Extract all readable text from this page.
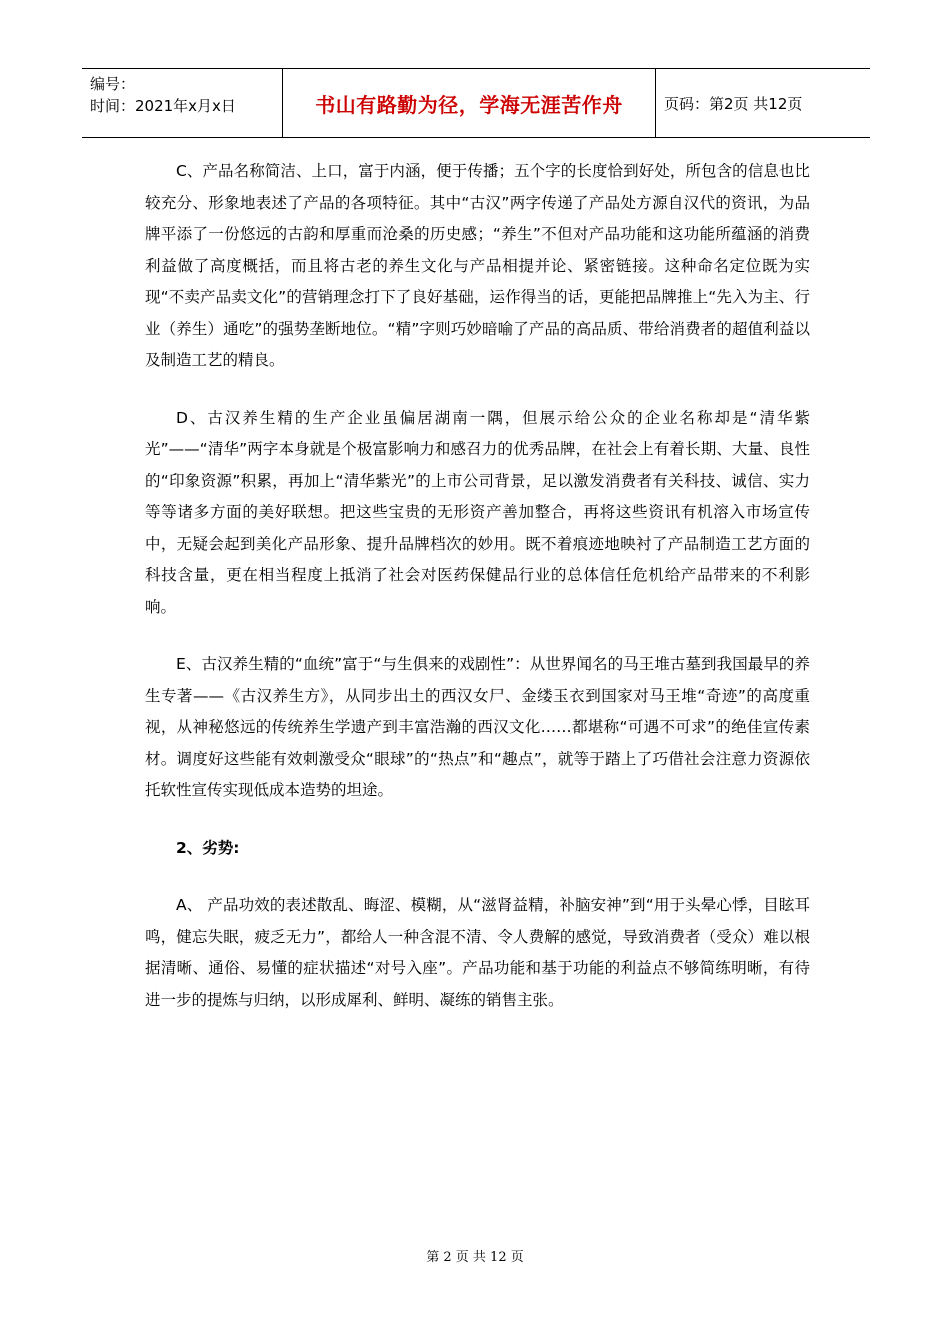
编号：
时间：2021年x月x日	书山有路勤为径，学海无涯苦作舟	页码：第2页 共12页

C、产品名称简洁、上口，富于内涵，便于传播；五个字的长度恰到好处，所包含的信息也比较充分、形象地表述了产品的各项特征。其中“古汉”两字传递了产品处方源自汉代的资讯，为品牌平添了一份悠远的古韵和厚重而沧桑的历史感；“养生”不但对产品功能和这功能所蕴涵的消费利益做了高度概括，而且将古老的养生文化与产品相提并论、紧密链接。这种命名定位既为实现“不卖产品卖文化”的营销理念打下了良好基础，运作得当的话，更能把品牌推上“先入为主、行业（养生）通吃”的强势垄断地位。“精”字则巧妙暗喻了产品的高品质、带给消费者的超值利益以及制造工艺的精良。

D、古汉养生精的生产企业虽偏居湖南一隅，但展示给公众的企业名称却是“清华紫光”——“清华”两字本身就是个极富影响力和感召力的优秀品牌，在社会上有着长期、大量、良性的“印象资源”积累，再加上“清华紫光”的上市公司背景，足以激发消费者有关科技、诚信、实力等等诸多方面的美好联想。把这些宝贵的无形资产善加整合，再将这些资讯有机溶入市场宣传中，无疑会起到美化产品形象、提升品牌档次的妙用。既不着痕迹地映衬了产品制造工艺方面的科技含量，更在相当程度上抵消了社会对医药保健品行业的总体信任危机给产品带来的不利影响。

E、古汉养生精的“血统”富于“与生俱来的戏剧性”：从世界闻名的马王堆古墓到我国最早的养生专著——《古汉养生方》，从同步出土的西汉女尸、金缕玉衣到国家对马王堆“奇迹”的高度重视，从神秘悠远的传统养生学遗产到丰富浩瀚的西汉文化……都堪称“可遇不可求”的绝佳宣传素材。调度好这些能有效刺激受众“眼球”的“热点”和“趣点”，就等于踏上了巧借社会注意力资源依托软性宣传实现低成本造势的坦途。

2、劣势:

A、 产品功效的表述散乱、晦涩、模糊，从“滋肾益精，补脑安神”到“用于头晕心悸，目眩耳鸣，健忘失眠，疲乏无力”，都给人一种含混不清、令人费解的感觉，导致消费者（受众）难以根据清晰、通俗、易懂的症状描述“对号入座”。产品功能和基于功能的利益点不够简练明晰，有待进一步的提炼与归纳，以形成犀利、鲜明、凝练的销售主张。

第 2 页 共 12 页
